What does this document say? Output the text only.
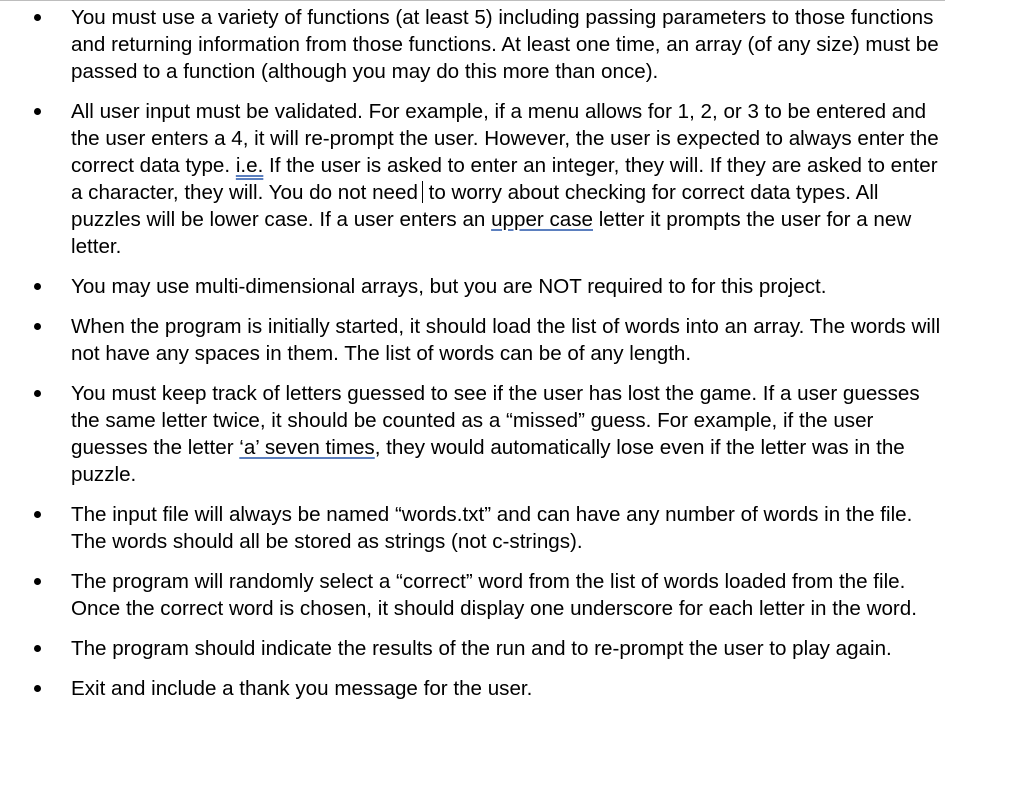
You must use a variety of functions (at least 5) including passing parameters to those functions and returning information from those functions. At least one time, an array (of any size) must be passed to a function (although you may do this more than once).
All user input must be validated. For example, if a menu allows for 1, 2, or 3 to be entered and the user enters a 4, it will re-prompt the user. However, the user is expected to always enter the correct data type. i.e. If the user is asked to enter an integer, they will. If they are asked to enter a character, they will. You do not need to worry about checking for correct data types. All puzzles will be lower case. If a user enters an upper case letter it prompts the user for a new letter.
You may use multi-dimensional arrays, but you are NOT required to for this project.
When the program is initially started, it should load the list of words into an array. The words will not have any spaces in them. The list of words can be of any length.
You must keep track of letters guessed to see if the user has lost the game. If a user guesses the same letter twice, it should be counted as a “missed” guess. For example, if the user guesses the letter ‘a’ seven times, they would automatically lose even if the letter was in the puzzle.
The input file will always be named “words.txt” and can have any number of words in the file. The words should all be stored as strings (not c-strings).
The program will randomly select a “correct” word from the list of words loaded from the file. Once the correct word is chosen, it should display one underscore for each letter in the word.
The program should indicate the results of the run and to re-prompt the user to play again.
Exit and include a thank you message for the user.
